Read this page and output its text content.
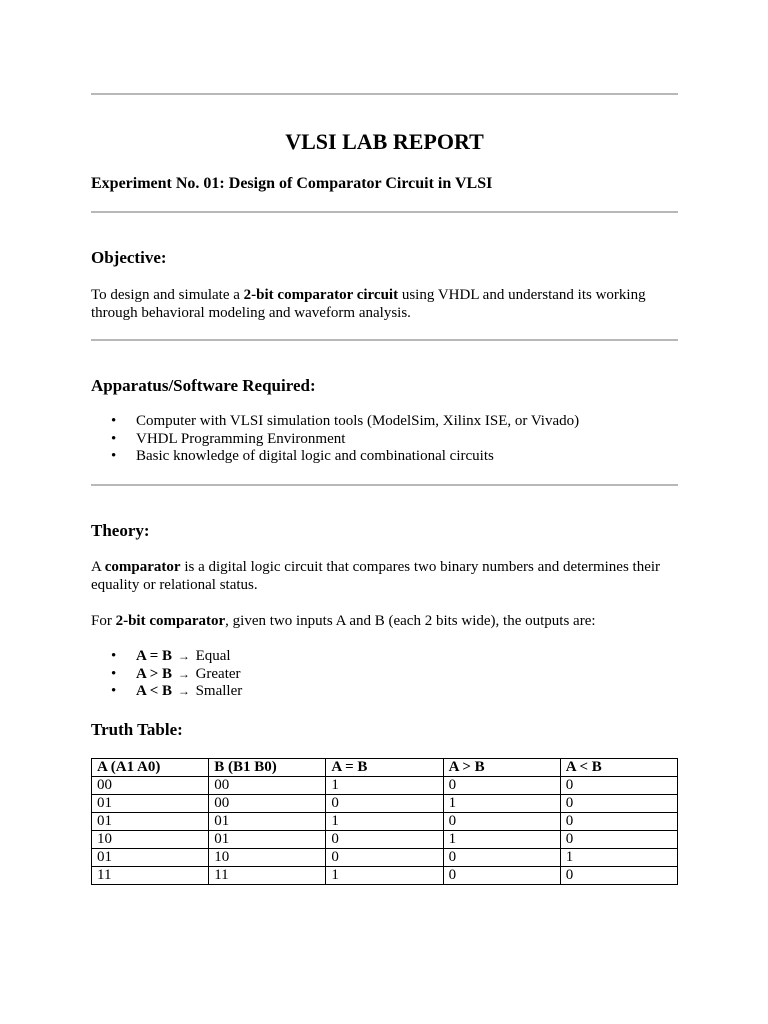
VLSI LAB REPORT

Experiment No. 01: Design of Comparator Circuit in VLSI

Objective:

To design and simulate a 2-bit comparator circuit using VHDL and understand its working through behavioral modeling and waveform analysis.

Apparatus/Software Required:
• Computer with VLSI simulation tools (ModelSim, Xilinx ISE, or Vivado)
• VHDL Programming Environment
• Basic knowledge of digital logic and combinational circuits
Theory:

A comparator is a digital logic circuit that compares two binary numbers and determines their equality or relational status.

For 2-bit comparator, given two inputs A and B (each 2 bits wide), the outputs are:

• A = B → Equal
• A > B → Greater
• A < B → Smaller
Truth Table:
A (A1 A0)	B (B1 B0)	A = B	A > B	A < B
00	00	1	0	0
01	00	0	1	0
01	01	1	0	0
10	01	0	1	0
01	10	0	0	1
11	11	1	0	0
